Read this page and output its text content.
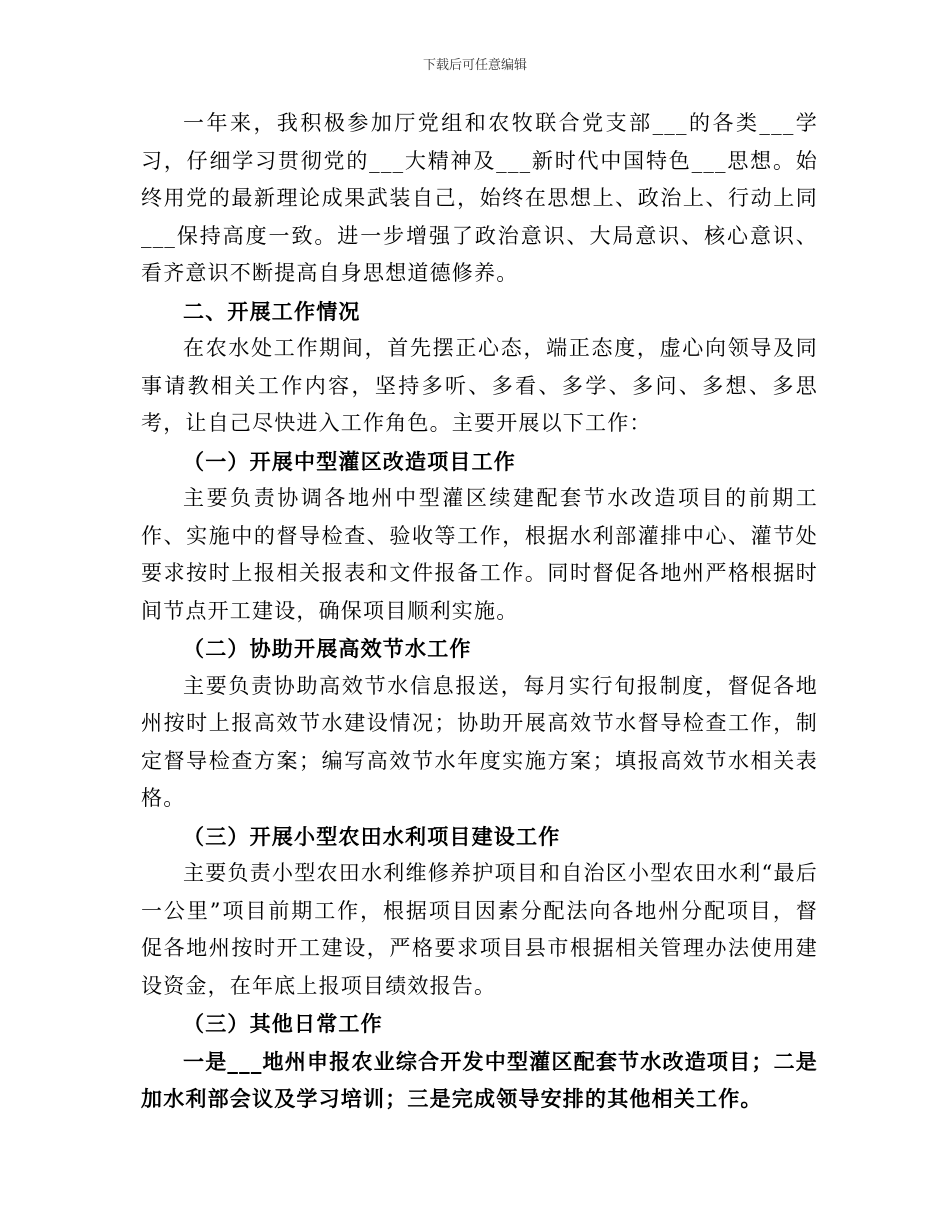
下载后可任意编辑

一年来，我积极参加厅党组和农牧联合党支部___的各类___学习，仔细学习贯彻党的___大精神及___新时代中国特色___思想。始终用党的最新理论成果武装自己，始终在思想上、政治上、行动上同___保持高度一致。进一步增强了政治意识、大局意识、核心意识、看齐意识不断提高自身思想道德修养。

二、开展工作情况

在农水处工作期间，首先摆正心态，端正态度，虚心向领导及同事请教相关工作内容，坚持多听、多看、多学、多问、多想、多思考，让自己尽快进入工作角色。主要开展以下工作：

（一）开展中型灌区改造项目工作

主要负责协调各地州中型灌区续建配套节水改造项目的前期工作、实施中的督导检查、验收等工作，根据水利部灌排中心、灌节处要求按时上报相关报表和文件报备工作。同时督促各地州严格根据时间节点开工建设，确保项目顺利实施。

（二）协助开展高效节水工作

主要负责协助高效节水信息报送，每月实行旬报制度，督促各地州按时上报高效节水建设情况；协助开展高效节水督导检查工作，制定督导检查方案；编写高效节水年度实施方案；填报高效节水相关表格。

（三）开展小型农田水利项目建设工作

主要负责小型农田水利维修养护项目和自治区小型农田水利“最后一公里”项目前期工作，根据项目因素分配法向各地州分配项目，督促各地州按时开工建设，严格要求项目县市根据相关管理办法使用建设资金，在年底上报项目绩效报告。

（三）其他日常工作

一是___地州申报农业综合开发中型灌区配套节水改造项目；二是加水利部会议及学习培训；三是完成领导安排的其他相关工作。
